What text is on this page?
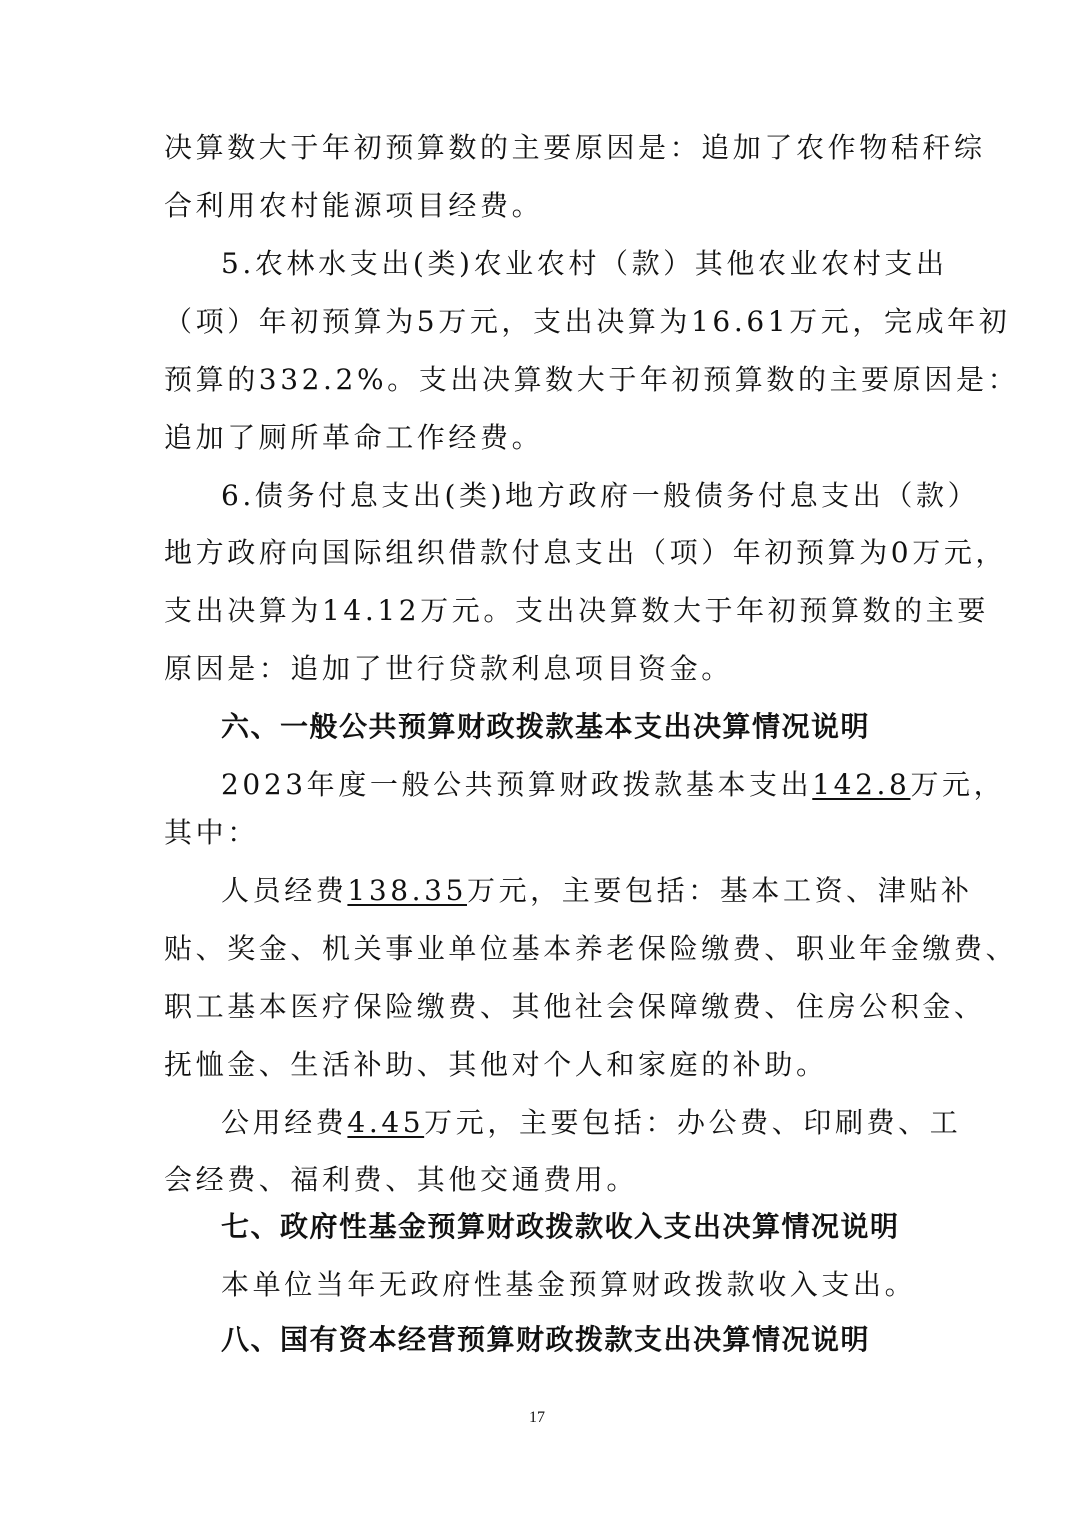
决算数大于年初预算数的主要原因是：追加了农作物秸秆综
合利用农村能源项目经费。
5.农林水支出(类)农业农村（款）其他农业农村支出
（项）年初预算为5万元，支出决算为16.61万元，完成年初
预算的332.2%。支出决算数大于年初预算数的主要原因是：
追加了厕所革命工作经费。
6.债务付息支出(类)地方政府一般债务付息支出（款）
地方政府向国际组织借款付息支出（项）年初预算为0万元，
支出决算为14.12万元。支出决算数大于年初预算数的主要
原因是：追加了世行贷款利息项目资金。
六、一般公共预算财政拨款基本支出决算情况说明
2023年度一般公共预算财政拨款基本支出142.8万元，
其中：
人员经费138.35万元，主要包括：基本工资、津贴补
贴、奖金、机关事业单位基本养老保险缴费、职业年金缴费、
职工基本医疗保险缴费、其他社会保障缴费、住房公积金、
抚恤金、生活补助、其他对个人和家庭的补助。
公用经费4.45万元，主要包括：办公费、印刷费、工
会经费、福利费、其他交通费用。
七、政府性基金预算财政拨款收入支出决算情况说明
本单位当年无政府性基金预算财政拨款收入支出。
八、国有资本经营预算财政拨款支出决算情况说明
17
